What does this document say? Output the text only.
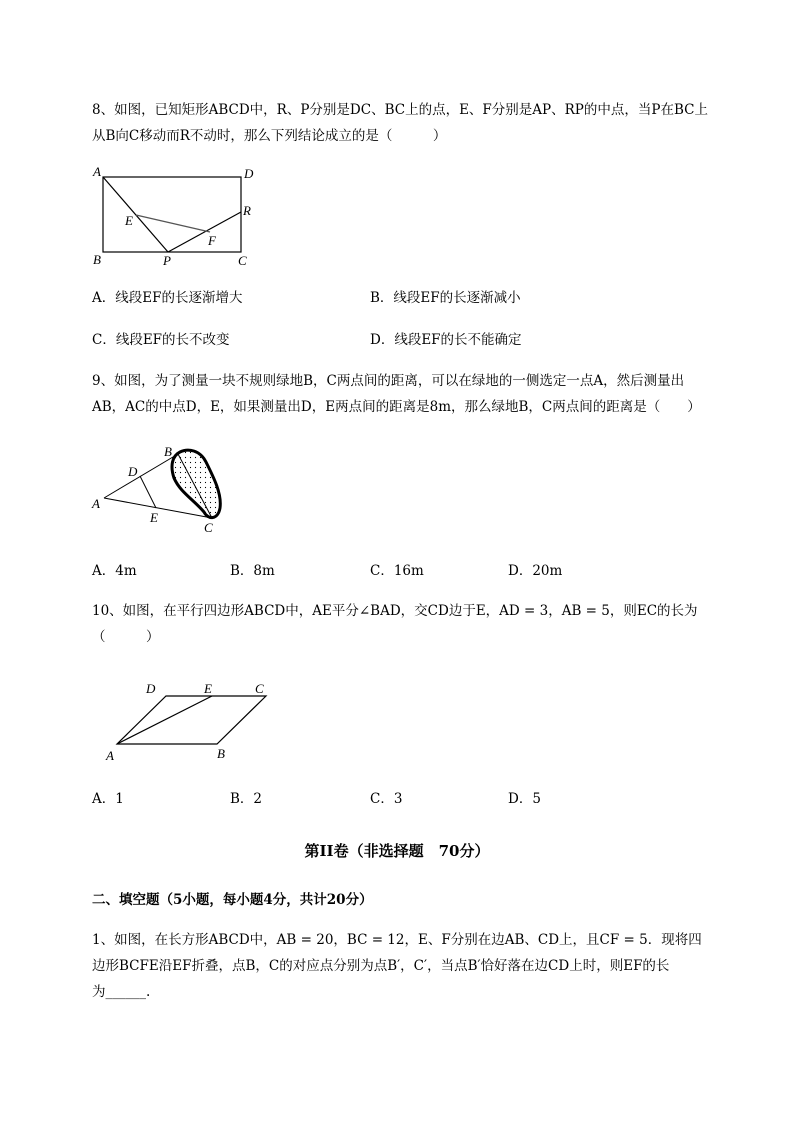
8、如图，已知矩形ABCD中，R、P分别是DC、BC上的点，E、F分别是AP、RP的中点，当P在BC上
从B向C移动而R不动时，那么下列结论成立的是（　　　）
A	D
R
E
F
B	P	C
A．线段EF的长逐渐增大	B．线段EF的长逐渐减小
C．线段EF的长不改变	D．线段EF的长不能确定
9、如图，为了测量一块不规则绿地B，C两点间的距离，可以在绿地的一侧选定一点A，然后测量出
AB，AC的中点D，E，如果测量出D，E两点间的距离是8m，那么绿地B，C两点间的距离是（　　）
A
D
B
E
C
A．4m	B．8m	C．16m	D．20m
10、如图，在平行四边形ABCD中，AE平分∠BAD，交CD边于E，AD = 3，AB = 5，则EC的长为
（　　　）
D	E	C
A	B
A．1	B．2	C．3	D．5
第II卷（非选择题　70分）
二、填空题（5小题，每小题4分，共计20分）
1、如图，在长方形ABCD中，AB = 20，BC = 12，E、F分别在边AB、CD上，且CF = 5．现将四
边形BCFE沿EF折叠，点B，C的对应点分别为点B′，C′，当点B′恰好落在边CD上时，则EF的长
为______.
